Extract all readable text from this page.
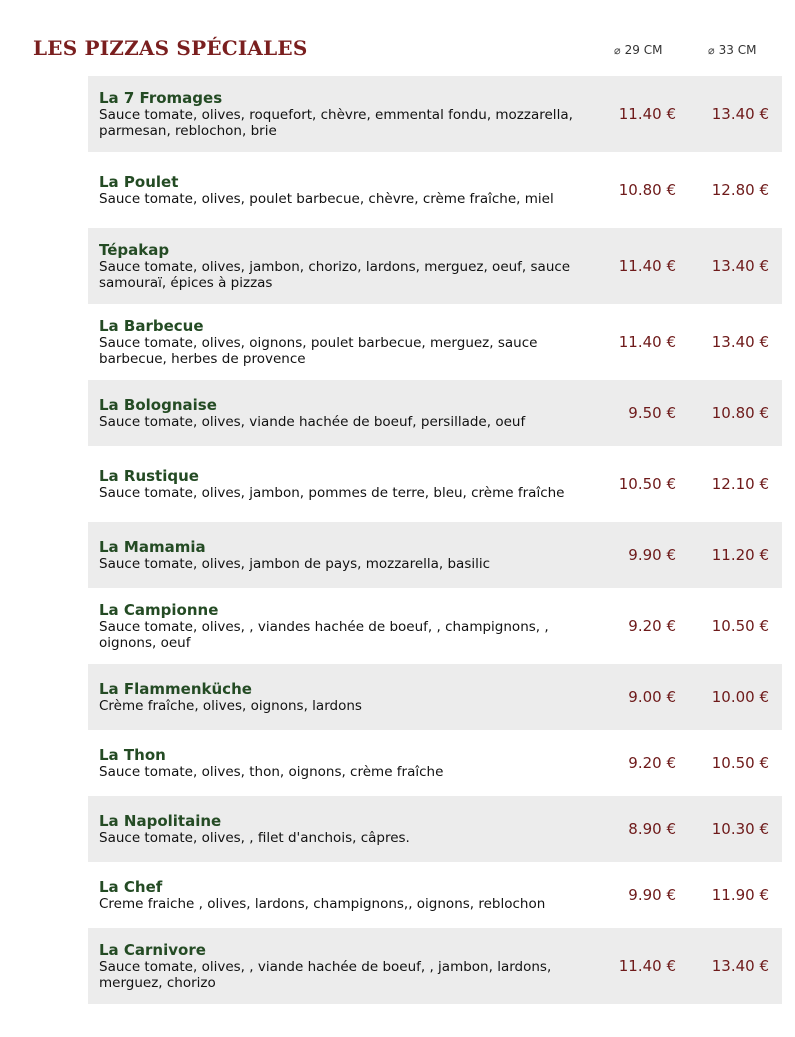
LES PIZZAS SPÉCIALES	⌀ 29 CM	⌀ 33 CM
La 7 Fromages
Sauce tomate, olives, roquefort, chèvre, emmental fondu, mozzarella, parmesan, reblochon, brie
11.40 € 13.40 €
La Poulet
Sauce tomate, olives, poulet barbecue, chèvre, crème fraîche, miel	10.80 € 12.80 €
Tépakap
Sauce tomate, olives, jambon, chorizo, lardons, merguez, oeuf, sauce samouraï, épices à pizzas
11.40 € 13.40 €
La Barbecue
Sauce tomate, olives, oignons, poulet barbecue, merguez, sauce barbecue, herbes de provence
11.40 € 13.40 €
La Bolognaise
Sauce tomate, olives, viande hachée de boeuf, persillade, oeuf	9.50 € 10.80 €
La Rustique
Sauce tomate, olives, jambon, pommes de terre, bleu, crème fraîche	10.50 € 12.10 €
La Mamamia
Sauce tomate, olives, jambon de pays, mozzarella, basilic	9.90 € 11.20 €
La Campionne
Sauce tomate, olives, , viandes hachée de boeuf, , champignons, , oignons, oeuf
9.20 € 10.50 €
La Flammenküche
Crème fraîche, olives, oignons, lardons	9.00 € 10.00 €
La Thon
Sauce tomate, olives, thon, oignons, crème fraîche	9.20 € 10.50 €
La Napolitaine
Sauce tomate, olives, , filet d'anchois, câpres.	8.90 € 10.30 €
La Chef
Creme fraiche , olives, lardons, champignons,, oignons, reblochon	9.90 € 11.90 €
La Carnivore
Sauce tomate, olives, , viande hachée de boeuf, , jambon, lardons, merguez, chorizo
11.40 € 13.40 €
